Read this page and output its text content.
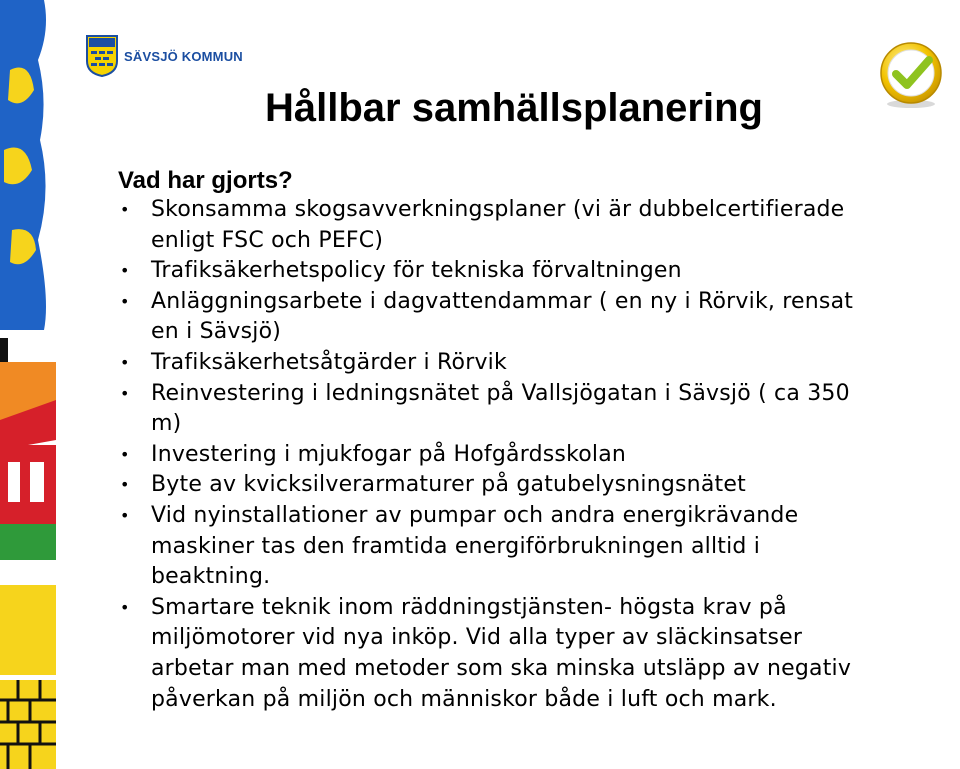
SÄVSJÖ KOMMUN
Hållbar samhällsplanering
Vad har gjorts?
• Skonsamma skogsavverkningsplaner (vi är dubbelcertifierade
enligt FSC och PEFC)
• Trafiksäkerhetspolicy för tekniska förvaltningen
• Anläggningsarbete i dagvattendammar ( en ny i Rörvik, rensat
en i Sävsjö)
• Trafiksäkerhetsåtgärder i Rörvik
• Reinvestering i ledningsnätet på Vallsjögatan i Sävsjö ( ca 350
m)
• Investering i mjukfogar på Hofgårdsskolan
• Byte av kvicksilverarmaturer på gatubelysningsnätet
• Vid nyinstallationer av pumpar och andra energikrävande
maskiner tas den framtida energiförbrukningen alltid i
beaktning.
• Smartare teknik inom räddningstjänsten- högsta krav på
miljömotorer vid nya inköp. Vid alla typer av släckinsatser
arbetar man med metoder som ska minska utsläpp av negativ
påverkan på miljön och människor både i luft och mark.
